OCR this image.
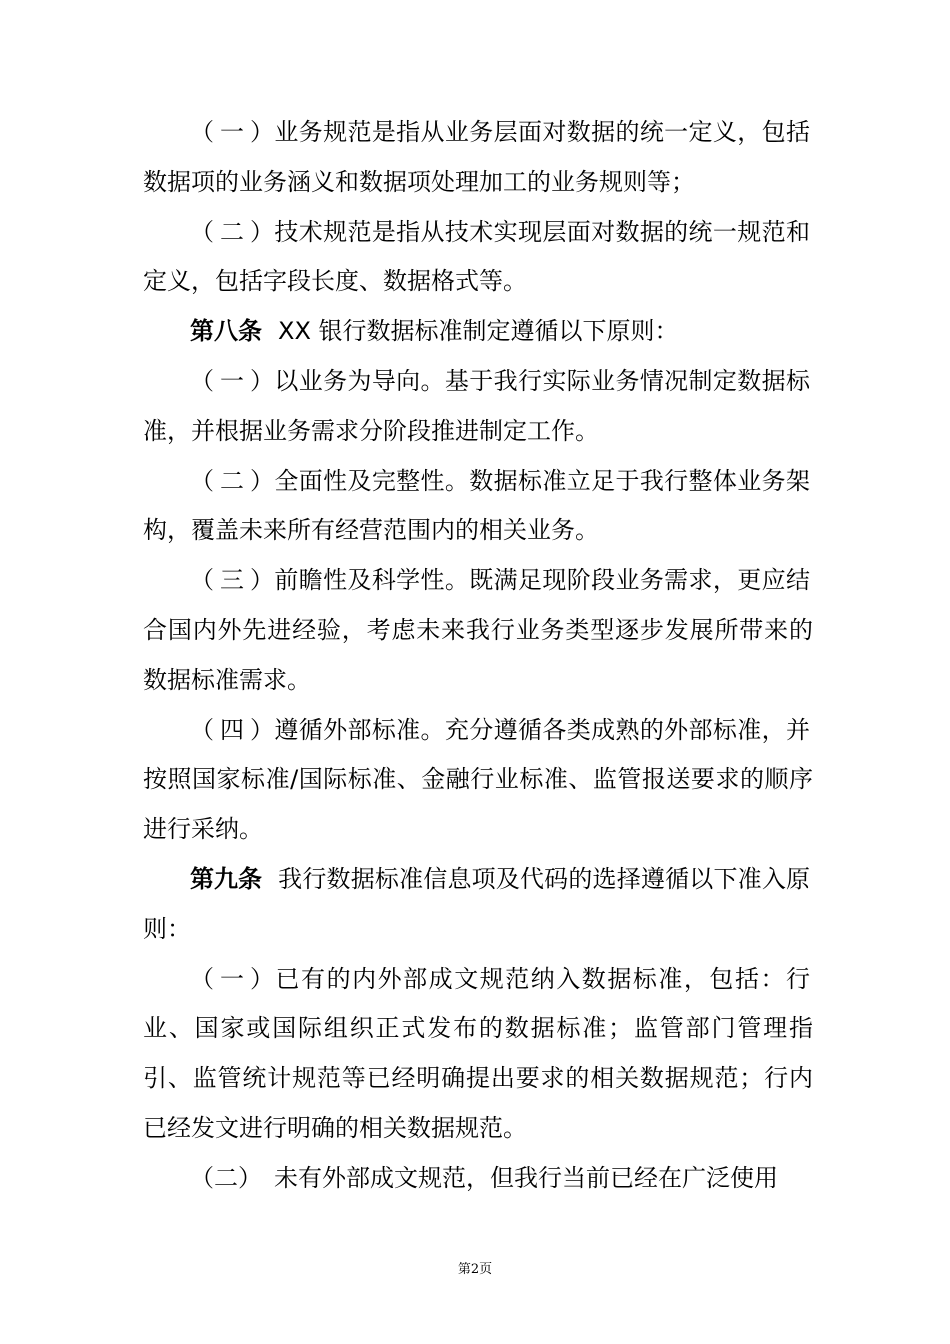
（一）业务规范是指从业务层面对数据的统一定义，包括
数据项的业务涵义和数据项处理加工的业务规则等；
（二）技术规范是指从技术实现层面对数据的统一规范和
定义，包括字段长度、数据格式等。
第八条 XX 银行数据标准制定遵循以下原则：
（一）以业务为导向。基于我行实际业务情况制定数据标
准，并根据业务需求分阶段推进制定工作。
（二）全面性及完整性。数据标准立足于我行整体业务架
构，覆盖未来所有经营范围内的相关业务。
（三）前瞻性及科学性。既满足现阶段业务需求，更应结
合国内外先进经验，考虑未来我行业务类型逐步发展所带来的
数据标准需求。
（四）遵循外部标准。充分遵循各类成熟的外部标准，并
按照国家标准/国际标准、金融行业标准、监管报送要求的顺序
进行采纳。
第九条 我行数据标准信息项及代码的选择遵循以下准入原
则：
（一）已有的内外部成文规范纳入数据标准，包括：行
业、国家或国际组织正式发布的数据标准；监管部门管理指
引、监管统计规范等已经明确提出要求的相关数据规范；行内
已经发文进行明确的相关数据规范。
（二） 未有外部成文规范，但我行当前已经在广泛使用
第2页
